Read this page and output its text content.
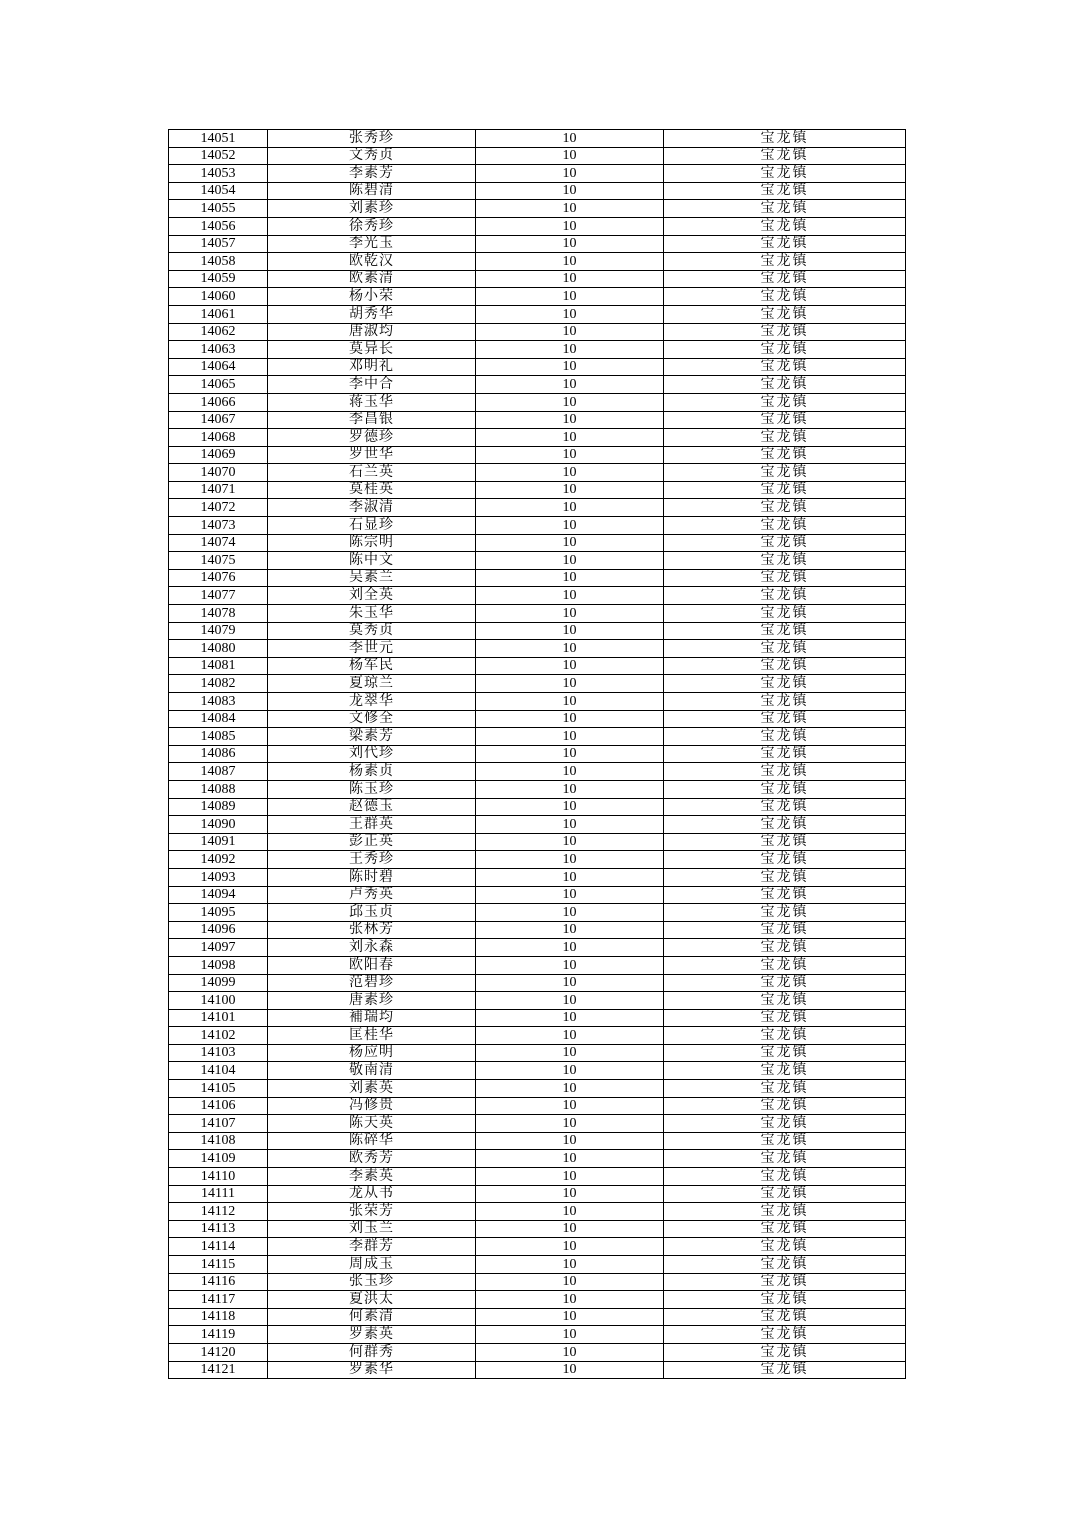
14051	张秀珍	10	宝龙镇
14052	文秀贞	10	宝龙镇
14053	李素芳	10	宝龙镇
14054	陈碧清	10	宝龙镇
14055	刘素珍	10	宝龙镇
14056	徐秀珍	10	宝龙镇
14057	李光玉	10	宝龙镇
14058	欧乾汉	10	宝龙镇
14059	欧素清	10	宝龙镇
14060	杨小荣	10	宝龙镇
14061	胡秀华	10	宝龙镇
14062	唐淑均	10	宝龙镇
14063	莫异长	10	宝龙镇
14064	邓明礼	10	宝龙镇
14065	李中合	10	宝龙镇
14066	蒋玉华	10	宝龙镇
14067	李昌银	10	宝龙镇
14068	罗德珍	10	宝龙镇
14069	罗世华	10	宝龙镇
14070	石兰英	10	宝龙镇
14071	莫桂英	10	宝龙镇
14072	李淑清	10	宝龙镇
14073	石显珍	10	宝龙镇
14074	陈宗明	10	宝龙镇
14075	陈中文	10	宝龙镇
14076	吴素兰	10	宝龙镇
14077	刘全英	10	宝龙镇
14078	朱玉华	10	宝龙镇
14079	莫秀贞	10	宝龙镇
14080	李世元	10	宝龙镇
14081	杨军民	10	宝龙镇
14082	夏琼兰	10	宝龙镇
14083	龙翠华	10	宝龙镇
14084	文修全	10	宝龙镇
14085	梁素芳	10	宝龙镇
14086	刘代珍	10	宝龙镇
14087	杨素贞	10	宝龙镇
14088	陈玉珍	10	宝龙镇
14089	赵德玉	10	宝龙镇
14090	王群英	10	宝龙镇
14091	彭正英	10	宝龙镇
14092	王秀珍	10	宝龙镇
14093	陈时碧	10	宝龙镇
14094	卢秀英	10	宝龙镇
14095	邱玉贞	10	宝龙镇
14096	张林芳	10	宝龙镇
14097	刘永森	10	宝龙镇
14098	欧阳春	10	宝龙镇
14099	范碧珍	10	宝龙镇
14100	唐素珍	10	宝龙镇
14101	補瑞均	10	宝龙镇
14102	匡桂华	10	宝龙镇
14103	杨应明	10	宝龙镇
14104	敬南清	10	宝龙镇
14105	刘素英	10	宝龙镇
14106	冯修贵	10	宝龙镇
14107	陈天英	10	宝龙镇
14108	陈碎华	10	宝龙镇
14109	欧秀芳	10	宝龙镇
14110	李素英	10	宝龙镇
14111	龙从书	10	宝龙镇
14112	张荣芳	10	宝龙镇
14113	刘玉兰	10	宝龙镇
14114	李群芳	10	宝龙镇
14115	周成玉	10	宝龙镇
14116	张玉珍	10	宝龙镇
14117	夏洪太	10	宝龙镇
14118	何素清	10	宝龙镇
14119	罗素英	10	宝龙镇
14120	何群秀	10	宝龙镇
14121	罗素华	10	宝龙镇
